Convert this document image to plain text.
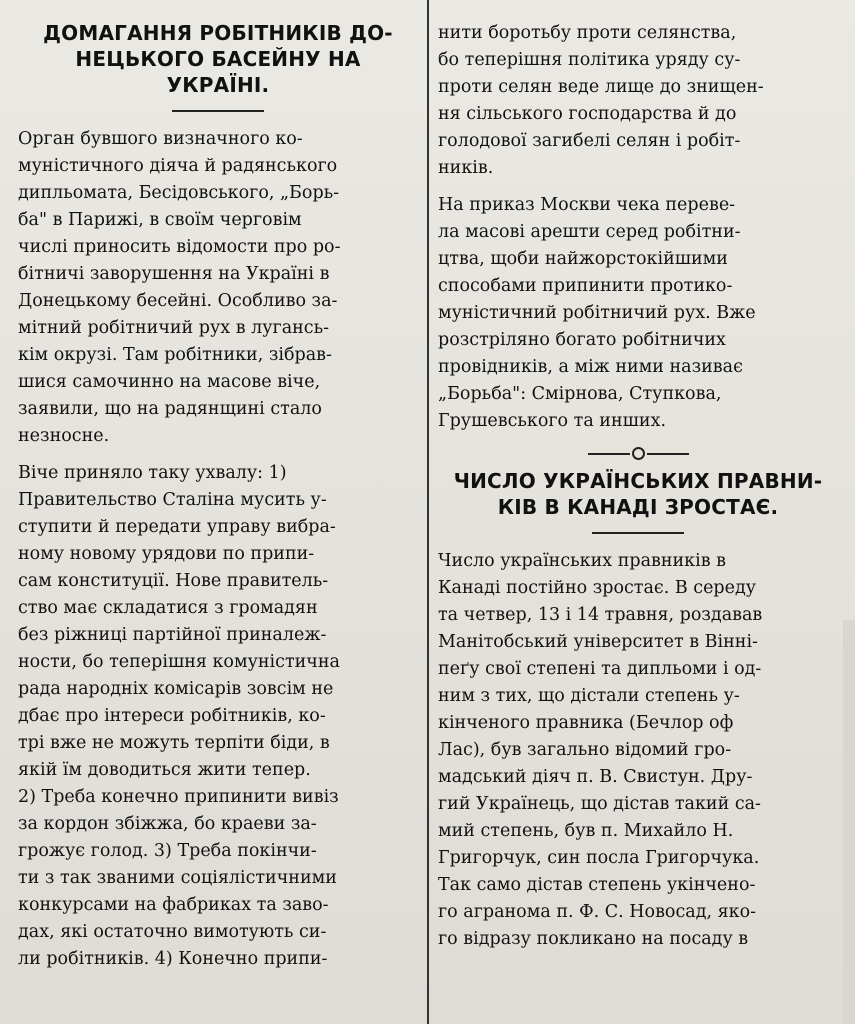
ДОМАГАННЯ РОБІТНИКІВ ДО-
НЕЦЬКОГО БАСЕЙНУ НА
УКРАЇНІ.

Орган бувшого визначного ко-
муністичного діяча й радянського
дипльомата, Бесідовського, „Борь-
ба" в Парижі, в своїм черговім
числі приносить відомости про ро-
бітничі заворушення на Україні в
Донецькому бесейні. Особливо за-
мітний робітничий рух в лугансь-
кім окрузі. Там робітники, зібрав-
шися самочинно на масове віче,
заявили, що на радянщині стало
незносне.

Віче приняло таку ухвалу: 1)
Правительство Сталіна мусить у-
ступити й передати управу вибра-
ному новому урядови по припи-
сам конституції. Нове правитель-
ство має складатися з громадян
без ріжниці партійної приналеж-
ности, бо теперішня комуністична
рада народніх комісарів зовсім не
дбає про інтереси робітників, ко-
трі вже не можуть терпіти біди, в
якій їм доводиться жити тепер.
2) Треба конечно припинити вивіз
за кордон збіжжа, бо краеви за-
грожує голод. 3) Треба покінчи-
ти з так званими соціялістичними
конкурсами на фабриках та заво-
дах, які остаточно вимотують си-
ли робітників. 4) Конечно припи-

нити боротьбу проти селянства,
бо теперішня політика уряду су-
проти селян веде лище до знищен-
ня сільського господарства й до
голодової загибелі селян і робіт-
ників.

На приказ Москви чека переве-
ла масові арешти серед робітни-
цтва, щоби найжорстокійшими
способами припинити протико-
муністичний робітничий рух. Вже
розстріляно богато робітничих
провідників, а між ними називає
„Борьба": Смірнова, Ступкова,
Грушевського та инших.

ЧИСЛО УКРАЇНСЬКИХ ПРАВНИ-
КІВ В КАНАДІ ЗРОСТАЄ.

Число українських правників в
Канаді постійно зростає. В середу
та четвер, 13 і 14 травня, роздавав
Манітобський університет в Вінні-
пеґу свої степені та дипльоми і од-
ним з тих, що дістали степень у-
кінченого правника (Бечлор оф
Лас), був загально відомий гро-
мадський діяч п. В. Свистун. Дру-
гий Українець, що дістав такий са-
мий степень, був п. Михайло Н.
Григорчук, син посла Григорчука.
Так само дістав степень укінчено-
го агранома п. Ф. С. Новосад, яко-
го відразу покликано на посаду в
